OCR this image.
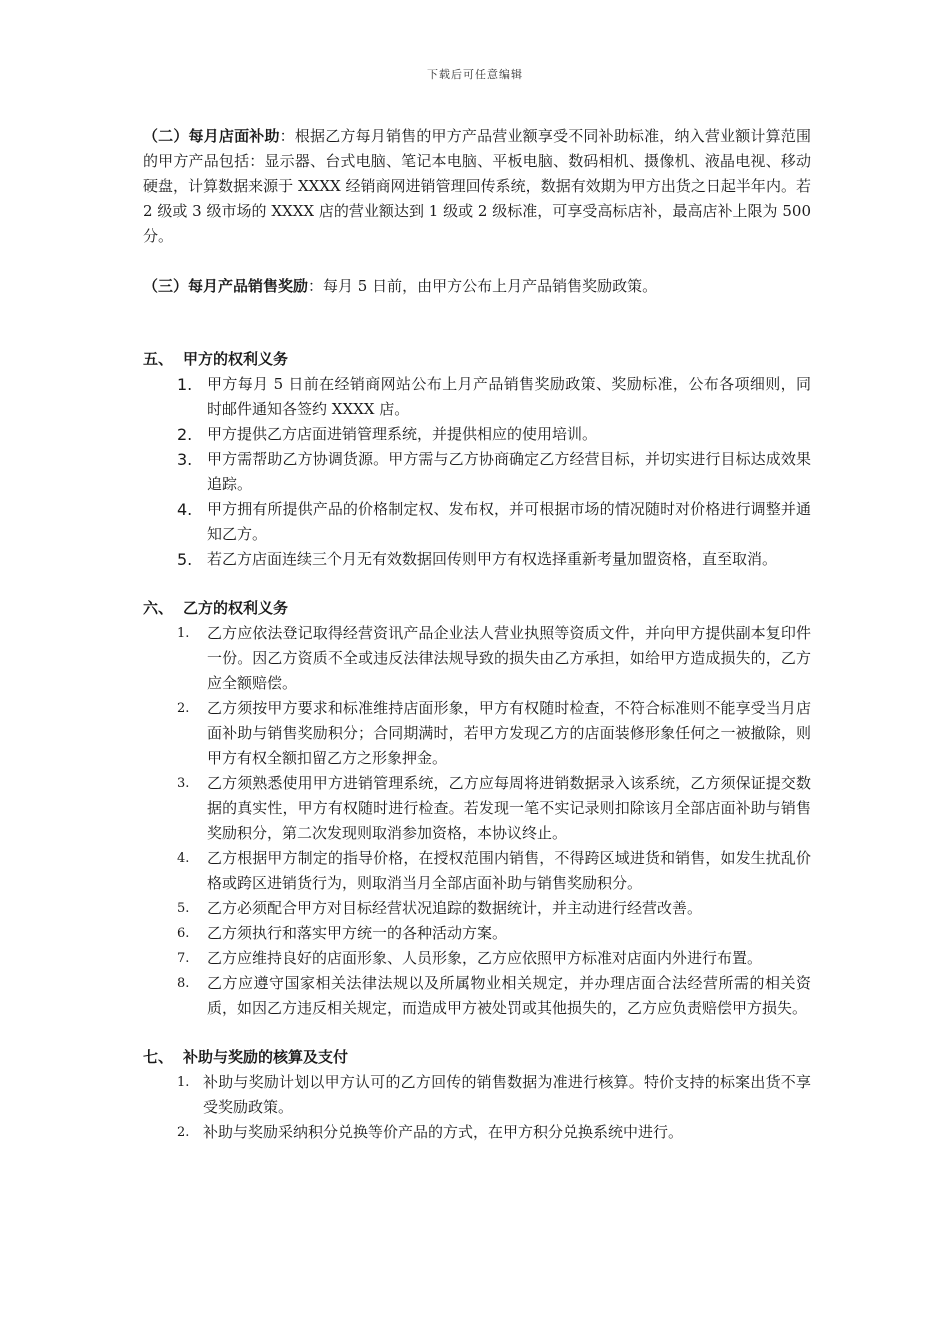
下载后可任意编辑

（二）每月店面补助：根据乙方每月销售的甲方产品营业额享受不同补助标准，纳入营业额计算范围的甲方产品包括：显示器、台式电脑、笔记本电脑、平板电脑、数码相机、摄像机、液晶电视、移动硬盘，计算数据来源于 XXXX 经销商网进销管理回传系统，数据有效期为甲方出货之日起半年内。若 2 级或 3 级市场的 XXXX 店的营业额达到 1 级或 2 级标准，可享受高标店补，最高店补上限为 500 分。

（三）每月产品销售奖励：每月 5 日前，由甲方公布上月产品销售奖励政策。

五、 甲方的权利义务
1. 甲方每月 5 日前在经销商网站公布上月产品销售奖励政策、奖励标准，公布各项细则，同时邮件通知各签约 XXXX 店。
2. 甲方提供乙方店面进销管理系统，并提供相应的使用培训。
3. 甲方需帮助乙方协调货源。甲方需与乙方协商确定乙方经营目标，并切实进行目标达成效果追踪。
4. 甲方拥有所提供产品的价格制定权、发布权，并可根据市场的情况随时对价格进行调整并通知乙方。
5. 若乙方店面连续三个月无有效数据回传则甲方有权选择重新考量加盟资格，直至取消。
六、 乙方的权利义务
1. 乙方应依法登记取得经营资讯产品企业法人营业执照等资质文件，并向甲方提供副本复印件一份。因乙方资质不全或违反法律法规导致的损失由乙方承担，如给甲方造成损失的，乙方应全额赔偿。
2. 乙方须按甲方要求和标准维持店面形象，甲方有权随时检查，不符合标准则不能享受当月店面补助与销售奖励积分；合同期满时，若甲方发现乙方的店面装修形象任何之一被撤除，则甲方有权全额扣留乙方之形象押金。
3. 乙方须熟悉使用甲方进销管理系统，乙方应每周将进销数据录入该系统，乙方须保证提交数据的真实性，甲方有权随时进行检查。若发现一笔不实记录则扣除该月全部店面补助与销售奖励积分，第二次发现则取消参加资格，本协议终止。
4. 乙方根据甲方制定的指导价格，在授权范围内销售，不得跨区域进货和销售，如发生扰乱价格或跨区进销货行为，则取消当月全部店面补助与销售奖励积分。
5. 乙方必须配合甲方对目标经营状况追踪的数据统计，并主动进行经营改善。
6. 乙方须执行和落实甲方统一的各种活动方案。
7. 乙方应维持良好的店面形象、人员形象，乙方应依照甲方标准对店面内外进行布置。
8. 乙方应遵守国家相关法律法规以及所属物业相关规定，并办理店面合法经营所需的相关资质，如因乙方违反相关规定，而造成甲方被处罚或其他损失的，乙方应负责赔偿甲方损失。
七、 补助与奖励的核算及支付
1. 补助与奖励计划以甲方认可的乙方回传的销售数据为准进行核算。特价支持的标案出货不享受奖励政策。
2. 补助与奖励采纳积分兑换等价产品的方式，在甲方积分兑换系统中进行。
